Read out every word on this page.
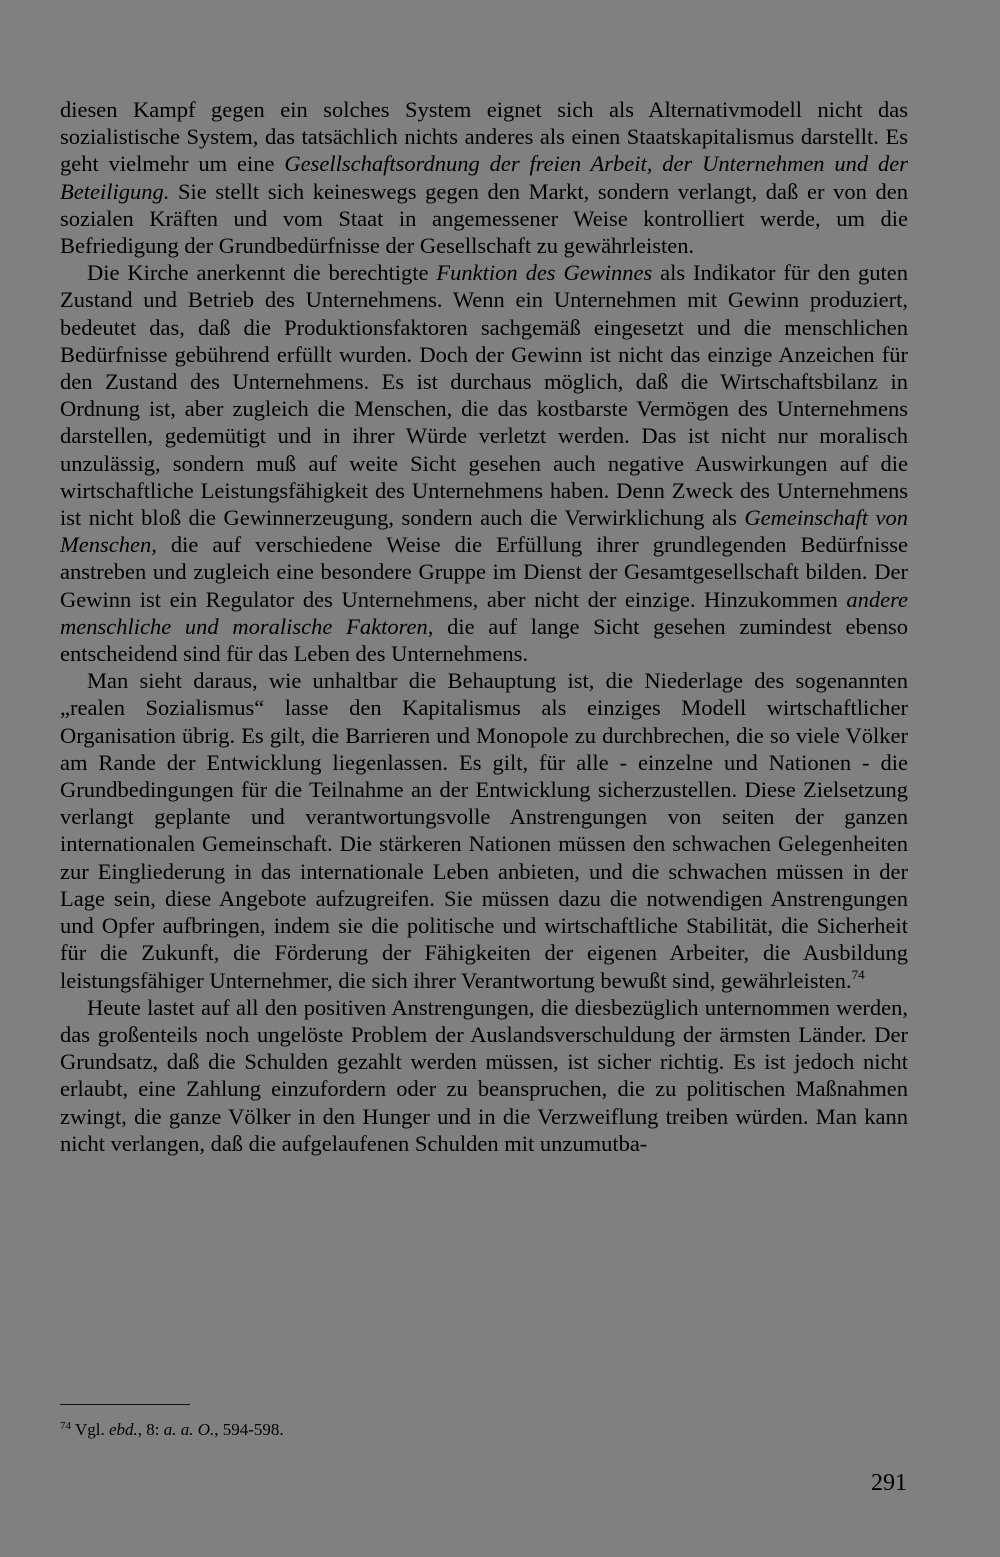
diesen Kampf gegen ein solches System eignet sich als Alternativmodell nicht das sozialistische System, das tatsächlich nichts anderes als einen Staatskapitalismus darstellt. Es geht vielmehr um eine Gesellschaftsordnung der freien Arbeit, der Unternehmen und der Beteiligung. Sie stellt sich keineswegs gegen den Markt, sondern verlangt, daß er von den sozialen Kräften und vom Staat in angemessener Weise kontrolliert werde, um die Befriedigung der Grundbedürfnisse der Gesellschaft zu gewährleisten.

Die Kirche anerkennt die berechtigte Funktion des Gewinnes als Indikator für den guten Zustand und Betrieb des Unternehmens. Wenn ein Unternehmen mit Gewinn produziert, bedeutet das, daß die Produktionsfaktoren sachgemäß eingesetzt und die menschlichen Bedürfnisse gebührend erfüllt wurden. Doch der Gewinn ist nicht das einzige Anzeichen für den Zustand des Unternehmens. Es ist durchaus möglich, daß die Wirtschaftsbilanz in Ordnung ist, aber zugleich die Menschen, die das kostbarste Vermögen des Unternehmens darstellen, gedemütigt und in ihrer Würde verletzt werden. Das ist nicht nur moralisch unzulässig, sondern muß auf weite Sicht gesehen auch negative Auswirkungen auf die wirtschaftliche Leistungsfähigkeit des Unternehmens haben. Denn Zweck des Unternehmens ist nicht bloß die Gewinnerzeugung, sondern auch die Verwirklichung als Gemeinschaft von Menschen, die auf verschiedene Weise die Erfüllung ihrer grundlegenden Bedürfnisse anstreben und zugleich eine besondere Gruppe im Dienst der Gesamtgesellschaft bilden. Der Gewinn ist ein Regulator des Unternehmens, aber nicht der einzige. Hinzukommen andere menschliche und moralische Faktoren, die auf lange Sicht gesehen zumindest ebenso entscheidend sind für das Leben des Unternehmens.

Man sieht daraus, wie unhaltbar die Behauptung ist, die Niederlage des sogenannten „realen Sozialismus“ lasse den Kapitalismus als einziges Modell wirtschaftlicher Organisation übrig. Es gilt, die Barrieren und Monopole zu durchbrechen, die so viele Völker am Rande der Entwicklung liegenlassen. Es gilt, für alle - einzelne und Nationen - die Grundbedingungen für die Teilnahme an der Entwicklung sicherzustellen. Diese Zielsetzung verlangt geplante und verantwortungsvolle Anstrengungen von seiten der ganzen internationalen Gemeinschaft. Die stärkeren Nationen müssen den schwachen Gelegenheiten zur Eingliederung in das internationale Leben anbieten, und die schwachen müssen in der Lage sein, diese Angebote aufzugreifen. Sie müssen dazu die notwendigen Anstrengungen und Opfer aufbringen, indem sie die politische und wirtschaftliche Stabilität, die Sicherheit für die Zukunft, die Förderung der Fähigkeiten der eigenen Arbeiter, die Ausbildung leistungsfähiger Unternehmer, die sich ihrer Verantwortung bewußt sind, gewährleisten.$^{74}$

Heute lastet auf all den positiven Anstrengungen, die diesbezüglich unternommen werden, das großenteils noch ungelöste Problem der Auslandsverschuldung der ärmsten Länder. Der Grundsatz, daß die Schulden gezahlt werden müssen, ist sicher richtig. Es ist jedoch nicht erlaubt, eine Zahlung einzufordern oder zu beanspruchen, die zu politischen Maßnahmen zwingt, die ganze Völker in den Hunger und in die Verzweiflung treiben würden. Man kann nicht verlangen, daß die aufgelaufenen Schulden mit unzumutba-

$^{74}$ Vgl. ebd., 8: a. a. O., 594-598.
291
